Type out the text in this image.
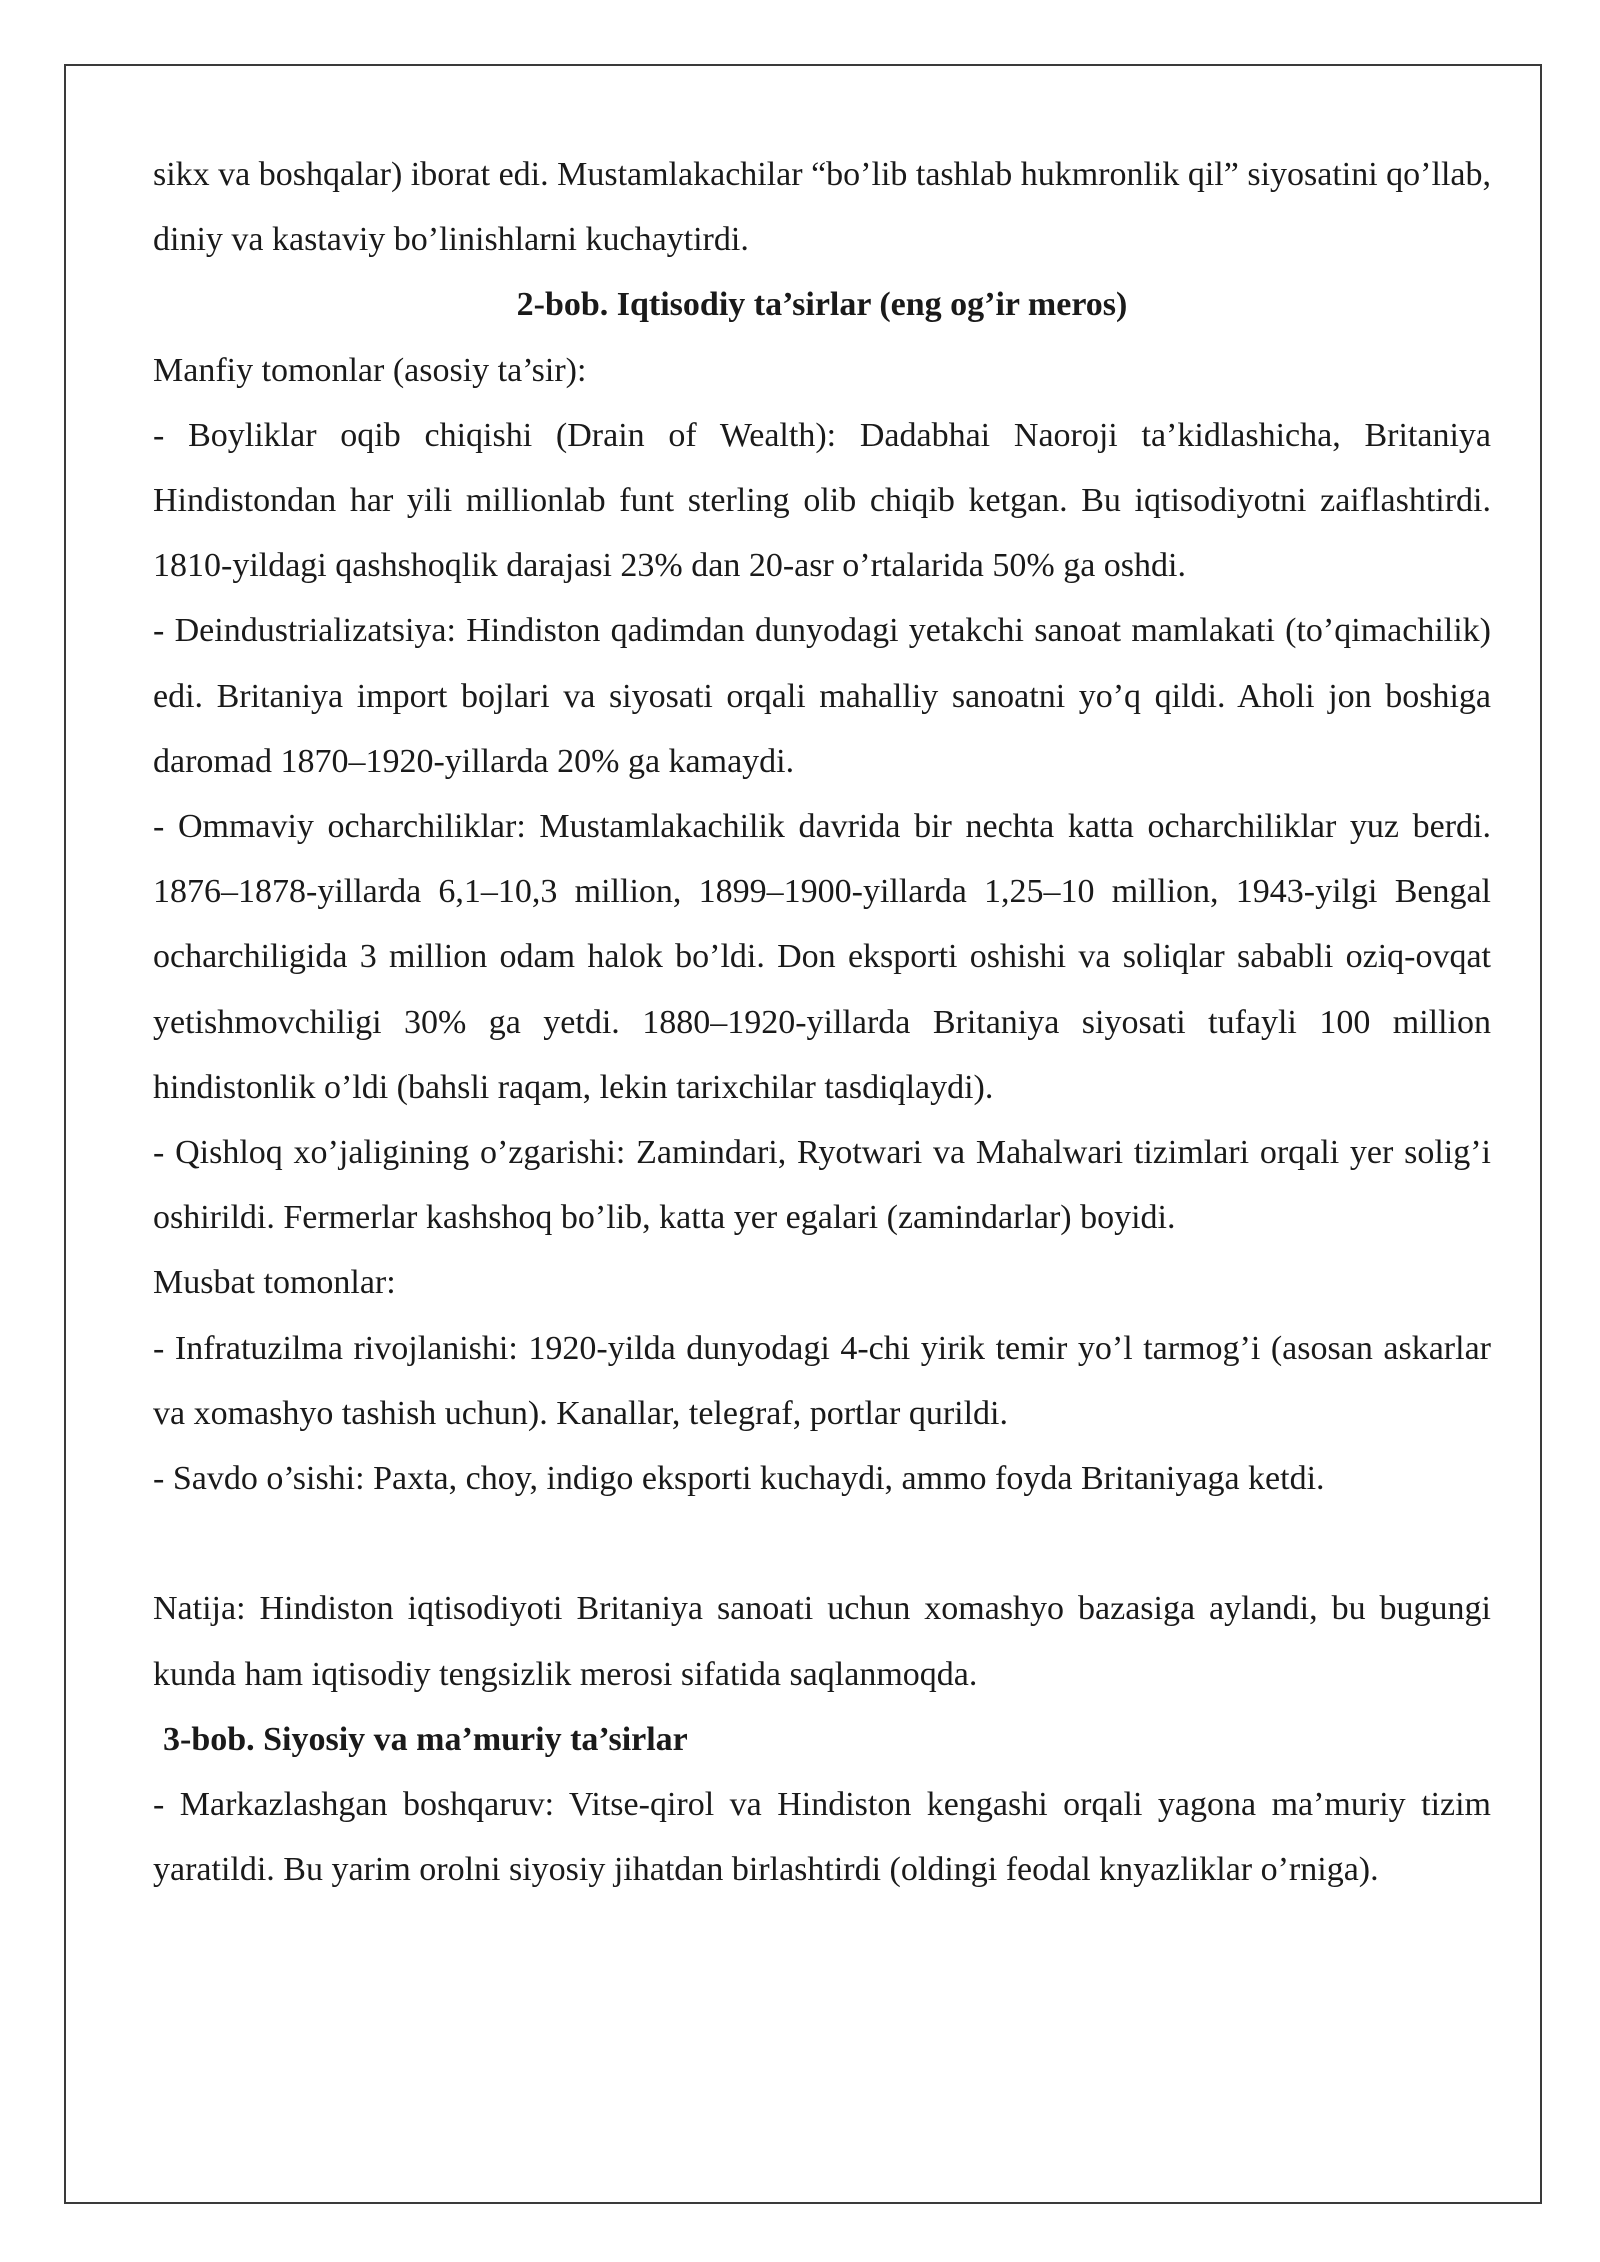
sikx va boshqalar) iborat edi. Mustamlakachilar “bo’lib tashlab hukmronlik qil” siyosatini qo’llab, diniy va kastaviy bo’linishlarni kuchaytirdi.

2-bob. Iqtisodiy ta’sirlar (eng og’ir meros)

Manfiy tomonlar (asosiy ta’sir):

- Boyliklar oqib chiqishi (Drain of Wealth): Dadabhai Naoroji ta’kidlashicha, Britaniya Hindistondan har yili millionlab funt sterling olib chiqib ketgan. Bu iqtisodiyotni zaiflashtirdi. 1810-yildagi qashshoqlik darajasi 23% dan 20-asr o’rtalarida 50% ga oshdi.

- Deindustrializatsiya: Hindiston qadimdan dunyodagi yetakchi sanoat mamlakati (to’qimachilik) edi. Britaniya import bojlari va siyosati orqali mahalliy sanoatni yo’q qildi. Aholi jon boshiga daromad 1870–1920-yillarda 20% ga kamaydi.

- Ommaviy ocharchiliklar: Mustamlakachilik davrida bir nechta katta ocharchiliklar yuz berdi. 1876–1878-yillarda 6,1–10,3 million, 1899–1900-yillarda 1,25–10 million, 1943-yilgi Bengal ocharchiligida 3 million odam halok bo’ldi. Don eksporti oshishi va soliqlar sababli oziq-ovqat yetishmovchiligi 30% ga yetdi. 1880–1920-yillarda Britaniya siyosati tufayli 100 million hindistonlik o’ldi (bahsli raqam, lekin tarixchilar tasdiqlaydi).

- Qishloq xo’jaligining o’zgarishi: Zamindari, Ryotwari va Mahalwari tizimlari orqali yer solig’i oshirildi. Fermerlar kashshoq bo’lib, katta yer egalari (zamindarlar) boyidi.

Musbat tomonlar:

- Infratuzilma rivojlanishi: 1920-yilda dunyodagi 4-chi yirik temir yo’l tarmog’i (asosan askarlar va xomashyo tashish uchun). Kanallar, telegraf, portlar qurildi.

- Savdo o’sishi: Paxta, choy, indigo eksporti kuchaydi, ammo foyda Britaniyaga ketdi.

Natija: Hindiston iqtisodiyoti Britaniya sanoati uchun xomashyo bazasiga aylandi, bu bugungi kunda ham iqtisodiy tengsizlik merosi sifatida saqlanmoqda.

3-bob. Siyosiy va ma’muriy ta’sirlar

- Markazlashgan boshqaruv: Vitse-qirol va Hindiston kengashi orqali yagona ma’muriy tizim yaratildi. Bu yarim orolni siyosiy jihatdan birlashtirdi (oldingi feodal knyazliklar o’rniga).
